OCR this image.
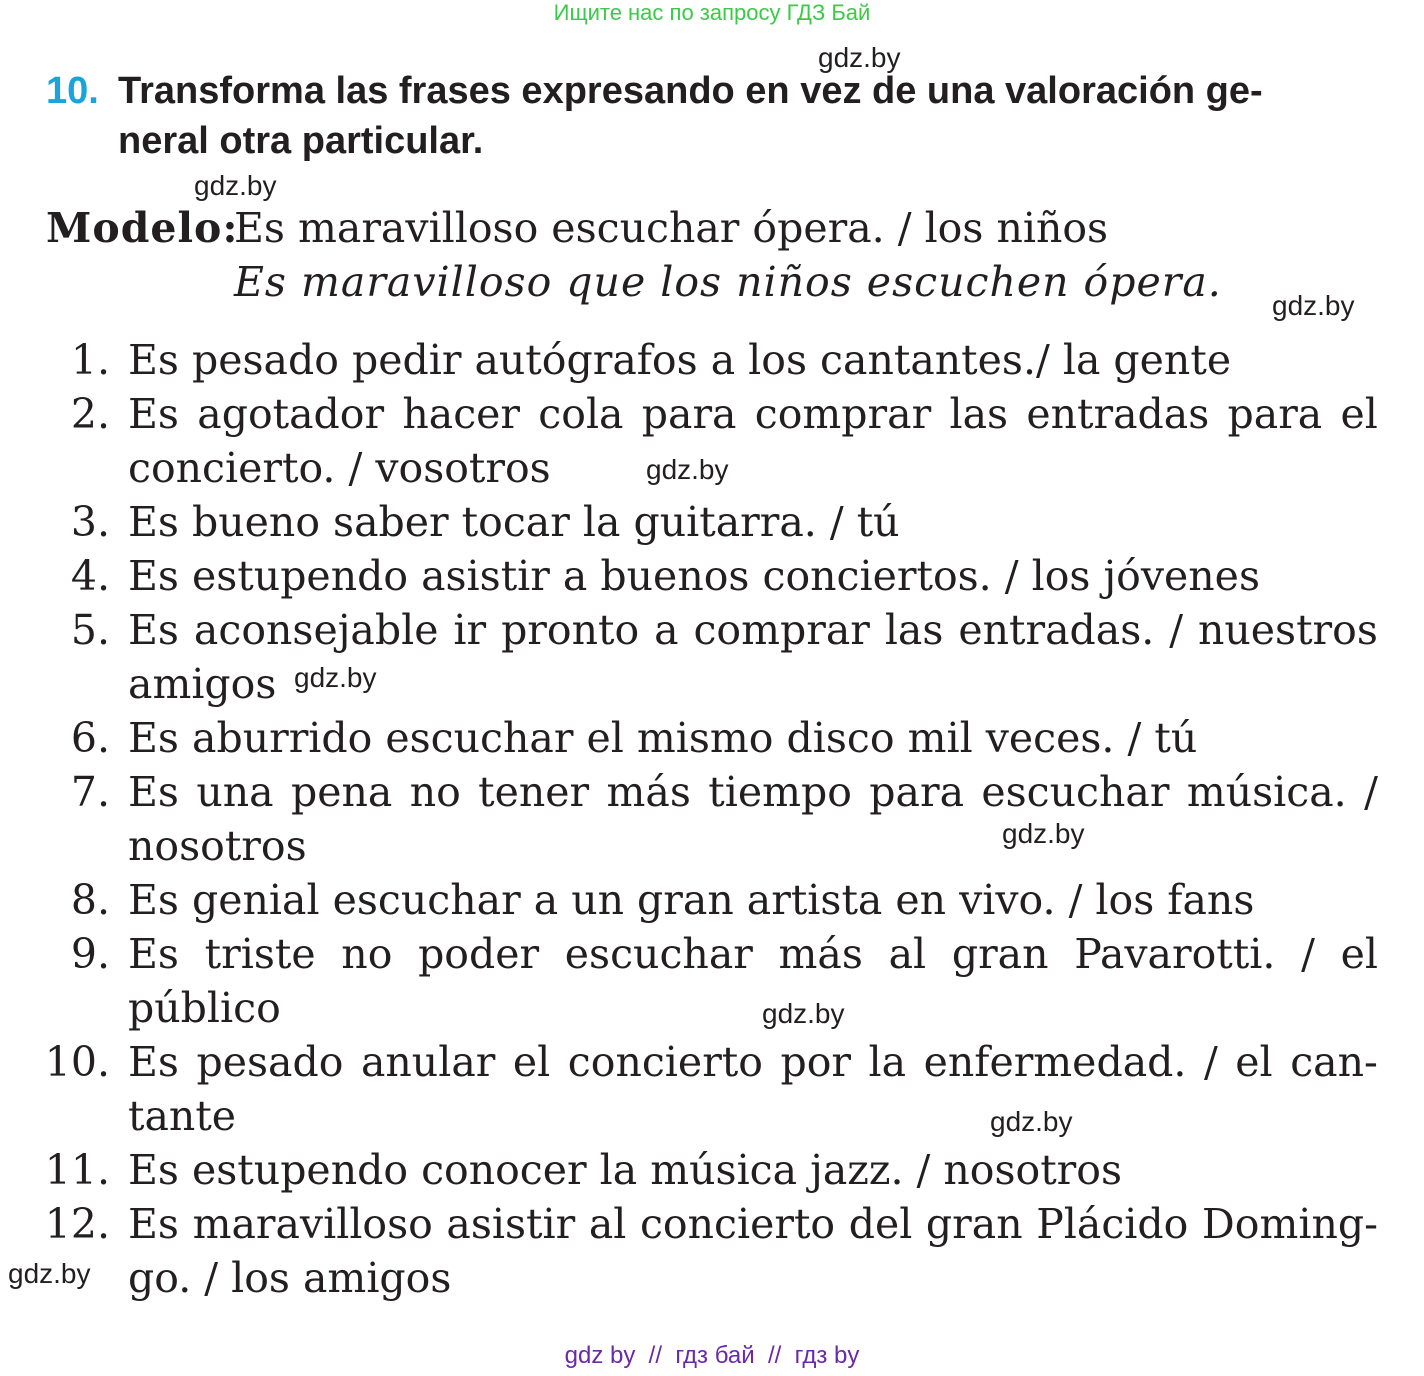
Ищите нас по запросу ГДЗ Бай
gdz.by
gdz.by
gdz.by
gdz.by
gdz.by
gdz.by
gdz.by
gdz.by
gdz.by
10. Transforma las frases expresando en vez de una valoración ge-
neral otra particular.
Modelo:
Es maravilloso escuchar ópera. / los niños
Es maravilloso que los niños escuchen ópera.
1. Es pesado pedir autógrafos a los cantantes./ la gente
2. Es agotador hacer cola para comprar las entradas para el
concierto. / vosotros
3. Es bueno saber tocar la guitarra. / tú
4. Es estupendo asistir a buenos conciertos. / los jóvenes
5. Es aconsejable ir pronto a comprar las entradas. / nuestros
amigos
6. Es aburrido escuchar el mismo disco mil veces. / tú
7. Es una pena no tener más tiempo para escuchar música. /
nosotros
8. Es genial escuchar a un gran artista en vivo. / los fans
9. Es triste no poder escuchar más al gran Pavarotti. / el
público
10. Es pesado anular el concierto por la enfermedad. / el can-
tante
11. Es estupendo conocer la música jazz. / nosotros
12. Es maravilloso asistir al concierto del gran Plácido Doming-
go. / los amigos
gdz by  //  гдз бай  //  гдз by
